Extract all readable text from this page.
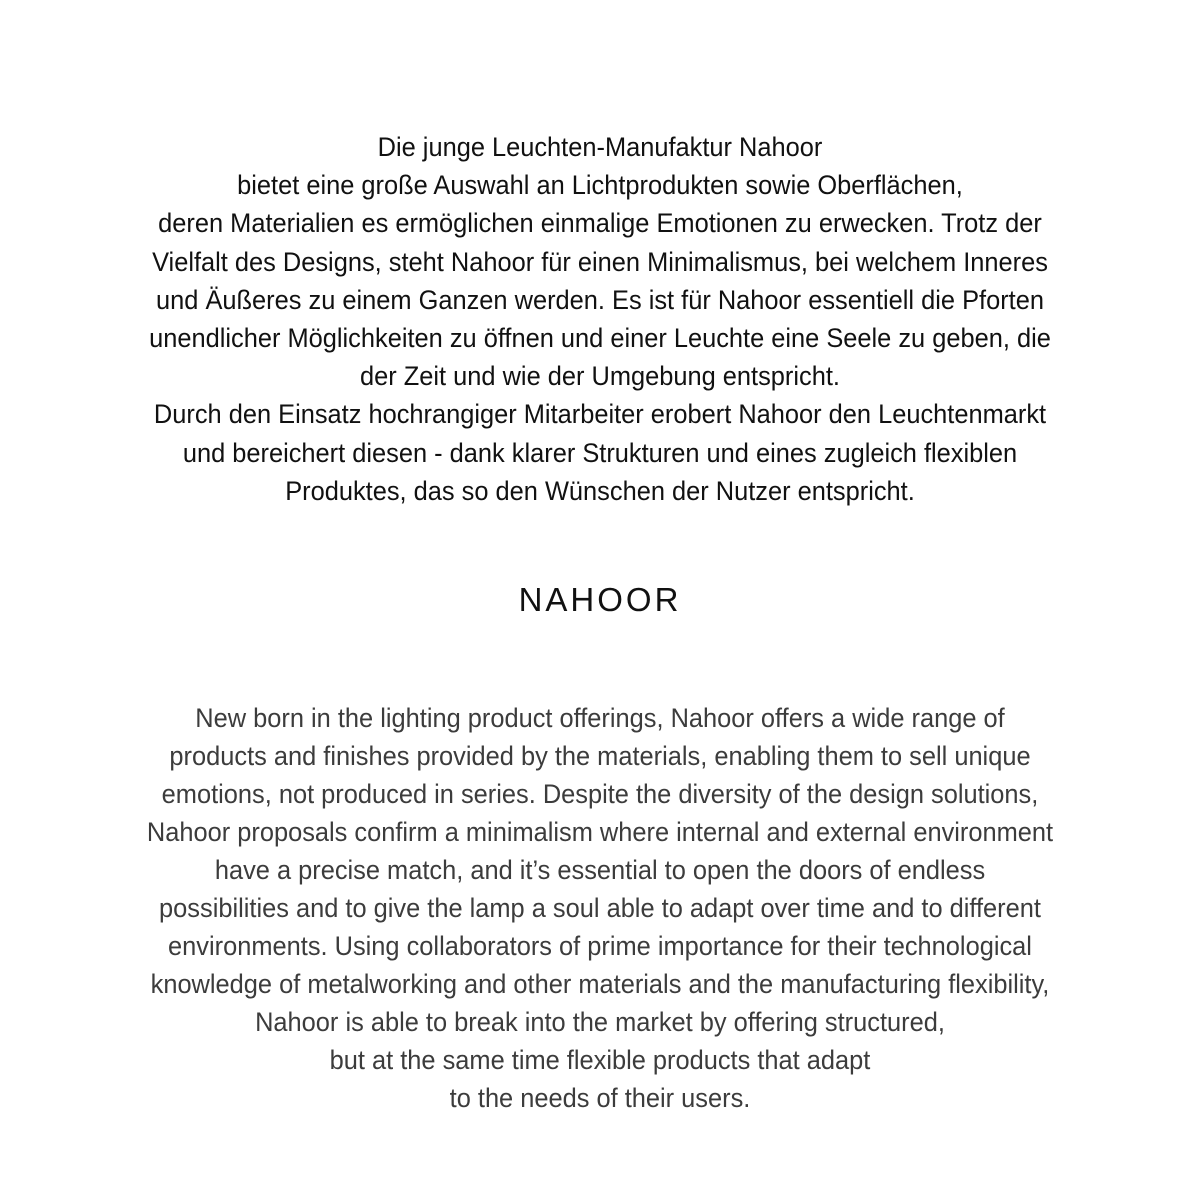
Die junge Leuchten-Manufaktur Nahoor
bietet eine große Auswahl an Lichtprodukten sowie Oberflächen,
deren Materialien es ermöglichen einmalige Emotionen zu erwecken. Trotz der
Vielfalt des Designs, steht Nahoor für einen Minimalismus, bei welchem Inneres
und Äußeres zu einem Ganzen werden. Es ist für Nahoor essentiell die Pforten
unendlicher Möglichkeiten zu öffnen und einer Leuchte eine Seele zu geben, die
der Zeit und wie der Umgebung entspricht.
Durch den Einsatz hochrangiger Mitarbeiter erobert Nahoor den Leuchtenmarkt
und bereichert diesen - dank klarer Strukturen und eines zugleich flexiblen
Produktes, das so den Wünschen der Nutzer entspricht.
NAHOOR
New born in the lighting product offerings, Nahoor offers a wide range of
products and finishes provided by the materials, enabling them to sell unique
emotions, not produced in series. Despite the diversity of the design solutions,
Nahoor proposals confirm a minimalism where internal and external environment
have a precise match, and it’s essential to open the doors of endless
possibilities and to give the lamp a soul able to adapt over time and to different
environments. Using collaborators of prime importance for their technological
knowledge of metalworking and other materials and the manufacturing flexibility,
Nahoor is able to break into the market by offering structured,
but at the same time flexible products that adapt
to the needs of their users.
